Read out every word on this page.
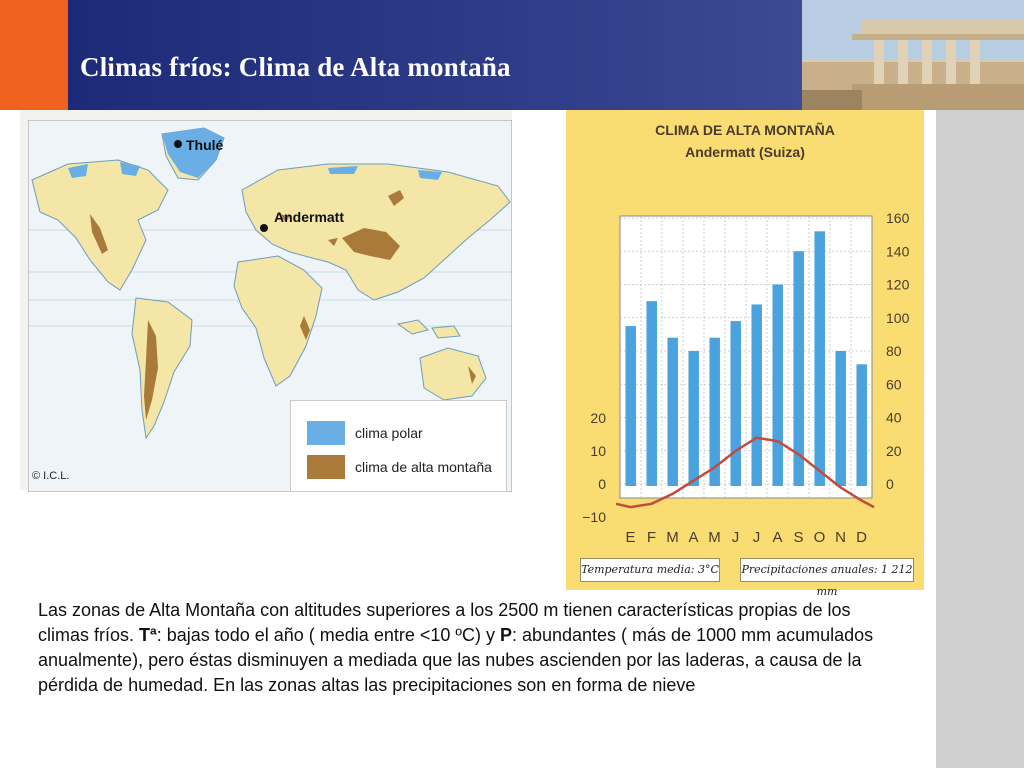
Climas fríos: Clima de Alta montaña
Thulé
Andermatt
clima polar
clima de alta montaña
© I.C.L.
CLIMA DE ALTA MONTAÑA
Andermatt (Suiza)
0
20
40
60
80
100
120
140
160
−10
0
10
20
E F M A M J J A S O N D
Temperatura media: 3°C Precipitaciones anuales: 1 212 mm
Las zonas de Alta Montaña con altitudes superiores a los 2500 m tienen características propias de los climas fríos. Tª: bajas todo el año ( media entre <10 ºC) y P: abundantes ( más de 1000 mm acumulados anualmente), pero éstas disminuyen a mediada que las nubes ascienden por las laderas, a causa de la pérdida de humedad. En las zonas altas las precipitaciones son en forma de nieve
